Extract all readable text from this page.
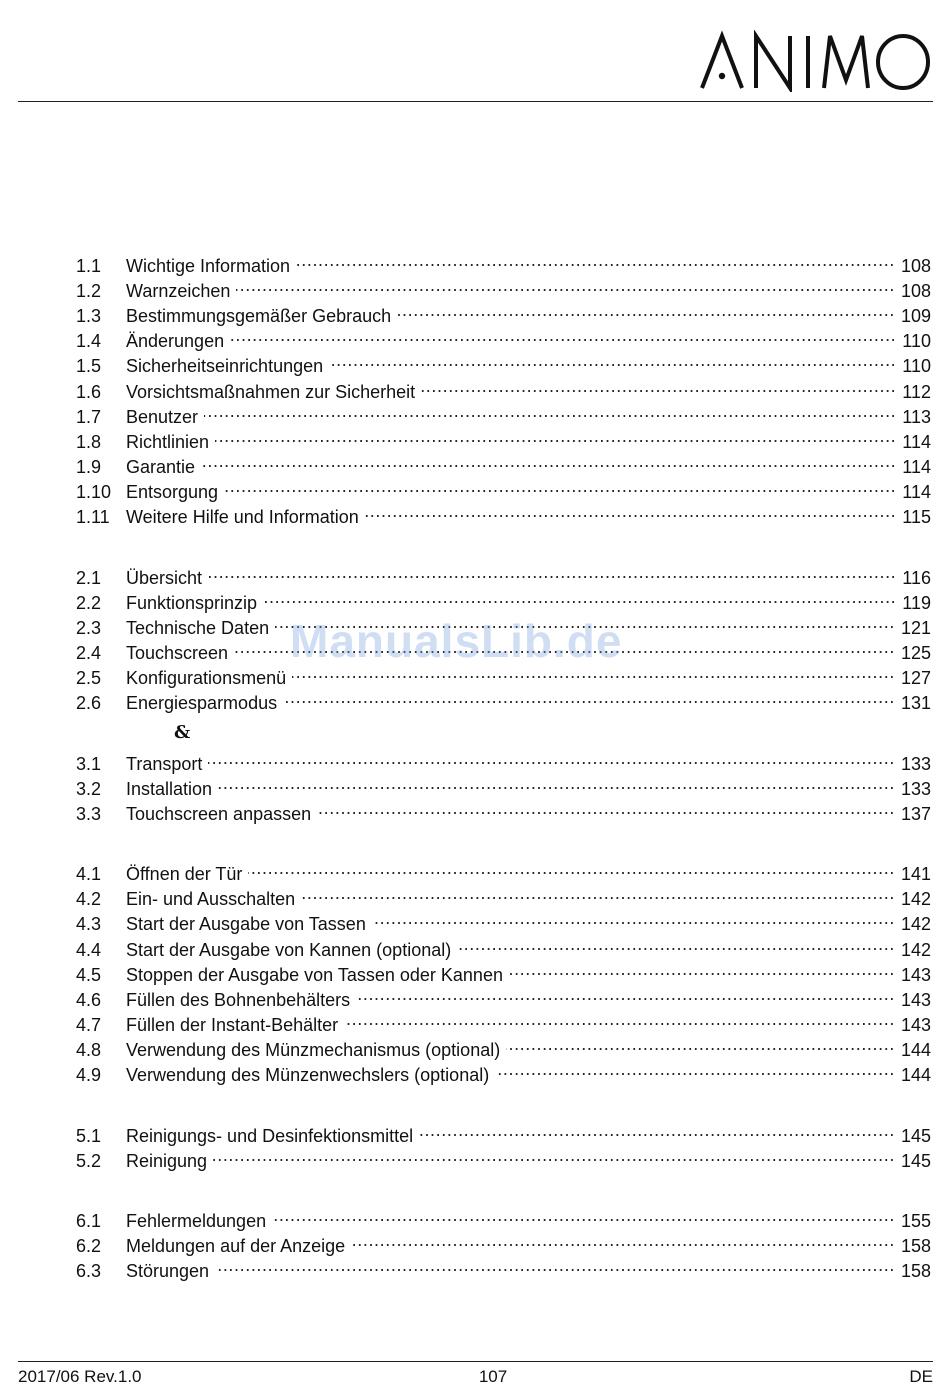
1.1	Wichtige Information .....	108
1.2	Warnzeichen .....	108
1.3	Bestimmungsgemäßer Gebrauch .....	109
1.4	Änderungen .....	110
1.5	Sicherheitseinrichtungen .....	110
1.6	Vorsichtsmaßnahmen zur Sicherheit .....	112
1.7	Benutzer .....	113
1.8	Richtlinien .....	114
1.9	Garantie .....	114
1.10 Entsorgung .....	114
1.11 Weitere Hilfe und Information .....	115
2.1	Übersicht .....	116
2.2	Funktionsprinzip .....	119
2.3	Technische Daten .....	121
2.4	Touchscreen .....	125
2.5	Konfigurationsmenü .....	127
2.6	Energiesparmodus .....	131
3.1	Transport .....	133
3.2	Installation .....	133
3.3	Touchscreen anpassen .....	137
4.1	Öffnen der Tür .....	141
4.2	Ein- und Ausschalten .....	142
4.3	Start der Ausgabe von Tassen .....	142
4.4	Start der Ausgabe von Kannen (optional) .....	142
4.5	Stoppen der Ausgabe von Tassen oder Kannen .....	143
4.6	Füllen des Bohnenbehälters .....	143
4.7	Füllen der Instant-Behälter .....	143
4.8	Verwendung des Münzmechanismus (optional) .....	144
4.9	Verwendung des Münzenwechslers (optional) .....	144
5.1	Reinigungs- und Desinfektionsmittel .....	145
5.2	Reinigung .....	145
6.1	Fehlermeldungen .....	155
6.2	Meldungen auf der Anzeige .....	158
6.3	Störungen .....	158
&
ManualsLib.de
2017/06 Rev.1.0	107	DE
